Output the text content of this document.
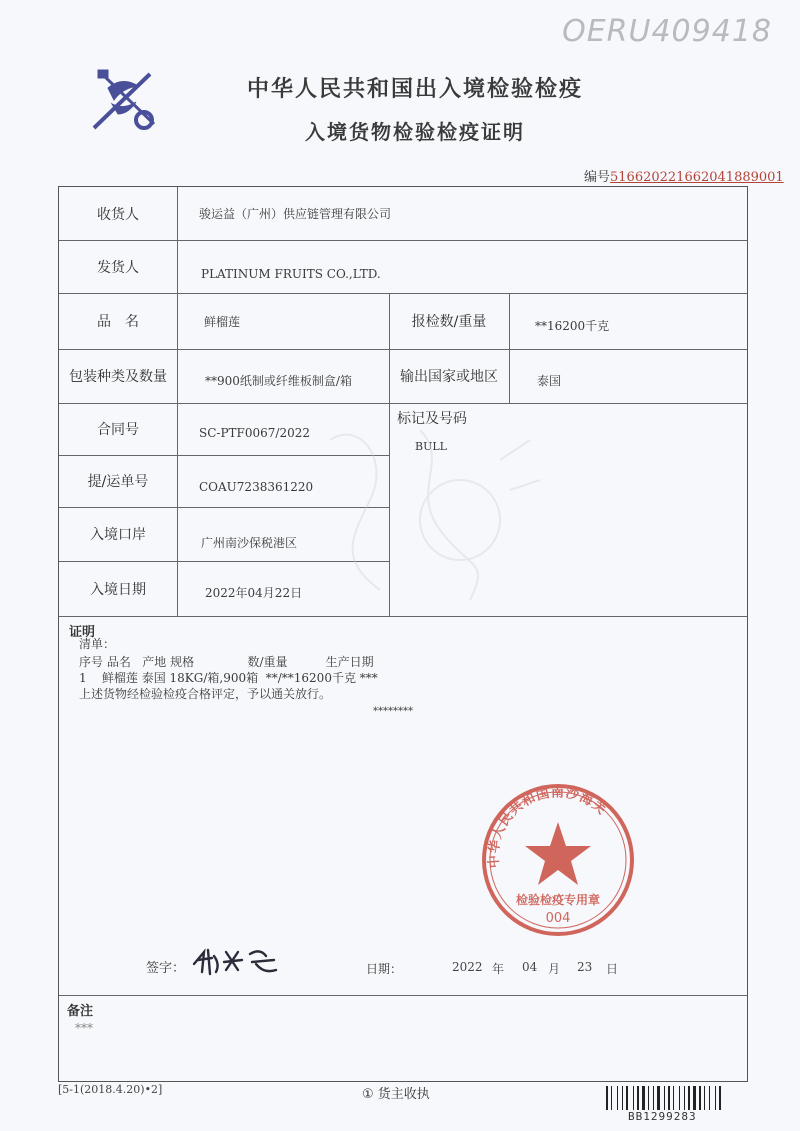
OERU409418
中华人民共和国出入境检验检疫
入境货物检验检疫证明
编号516620221662041889001
收货人	骏运益（广州）供应链管理有限公司
发货人	PLATINUM FRUITS CO.,LTD.
品　名	鲜榴莲	报检数/重量	**16200千克
包装种类及数量	**900纸制或纤维板制盒/箱	输出国家或地区	泰国
合同号	SC-PTF0067/2022
标记及号码
BULL
提/运单号	COAU7238361220
入境口岸	广州南沙保税港区
入境日期	2022年04月22日
证明
清单：
序号 品名   产地 规格              数/重量          生产日期
1    鲜榴莲 泰国 18KG/箱,900箱  **/**16200千克 ***
上述货物经检验检疫合格评定，予以通关放行。
********
备注
***
中华人民共和国南沙海关
检验检疫专用章
004
签字：	日期：	2022 年 04 月 23 日
[5-1(2018.4.20)•2]	① 货主收执
BB1299283
